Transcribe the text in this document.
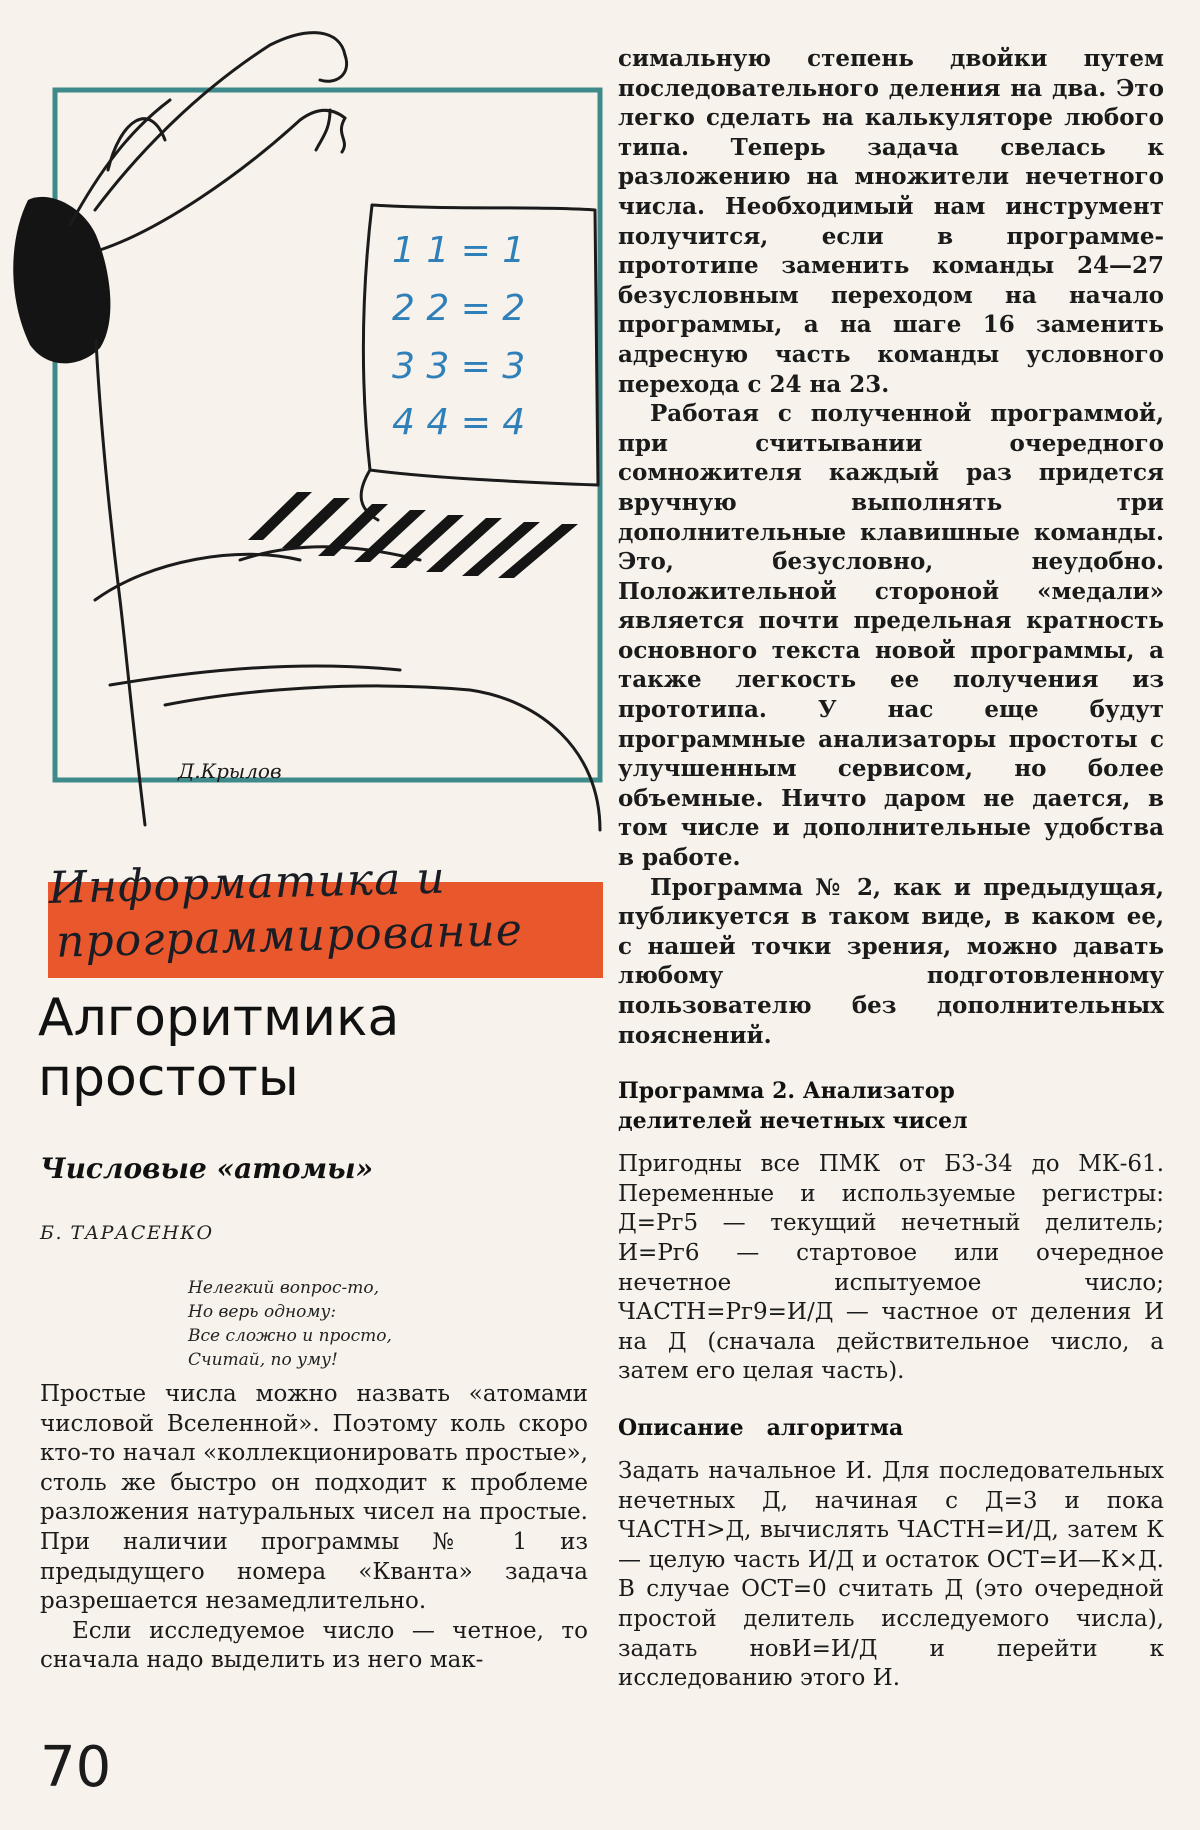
1 1 = 1
2 2 = 2
3 3 = 3
4 4 = 4
Д.Крылов
Информатика и
программирование
Алгоритмика
простоты
Числовые «атомы»
Б. ТАРАСЕНКО
Нелегкий вопрос-то,
Но верь одному:
Все сложно и просто,
Считай, по уму!

Простые числа можно назвать «атомами числовой Вселенной». Поэтому коль скоро кто-то начал «коллекционировать простые», столь же быстро он подходит к проблеме разложения натуральных чисел на простые. При наличии программы № 1 из предыдущего номера «Кванта» задача разрешается незамедлительно.

Если исследуемое число — четное, то сначала надо выделить из него мак-

симальную степень двойки путем последовательного деления на два. Это легко сделать на калькуляторе любого типа. Теперь задача свелась к разложению на множители нечетного числа. Необходимый нам инструмент получится, если в программе-прототипе заменить команды 24—27 безусловным переходом на начало программы, а на шаге 16 заменить адресную часть команды условного перехода с 24 на 23.

Работая с полученной программой, при считывании очередного сомножителя каждый раз придется вручную выполнять три дополнительные клавишные команды. Это, безусловно, неудобно. Положительной стороной «медали» является почти предельная кратность основного текста новой программы, а также легкость ее получения из прототипа. У нас еще будут программные анализаторы простоты с улучшенным сервисом, но более объемные. Ничто даром не дается, в том числе и дополнительные удобства в работе.

Программа № 2, как и предыдущая, публикуется в таком виде, в каком ее, с нашей точки зрения, можно давать любому подготовленному пользователю без дополнительных пояснений.

Программа 2. Анализатор
делителей нечетных чисел

Пригодны все ПМК от Б3-34 до МК-61. Переменные и используемые регистры: Д=Рг5 — текущий нечетный делитель; И=Рг6 — стартовое или очередное нечетное испытуемое число; ЧАСТН=Рг9=И/Д — частное от деления И на Д (сначала действительное число, а затем его целая часть).

Описание   алгоритма

Задать начальное И. Для последовательных нечетных Д, начиная с Д=3 и пока ЧАСТН>Д, вычислять ЧАСТН=И/Д, затем К — целую часть И/Д и остаток ОСТ=И—К×Д. В случае ОСТ=0 считать Д (это очередной простой делитель исследуемого числа), задать новИ=И/Д и перейти к исследованию этого И.

70
